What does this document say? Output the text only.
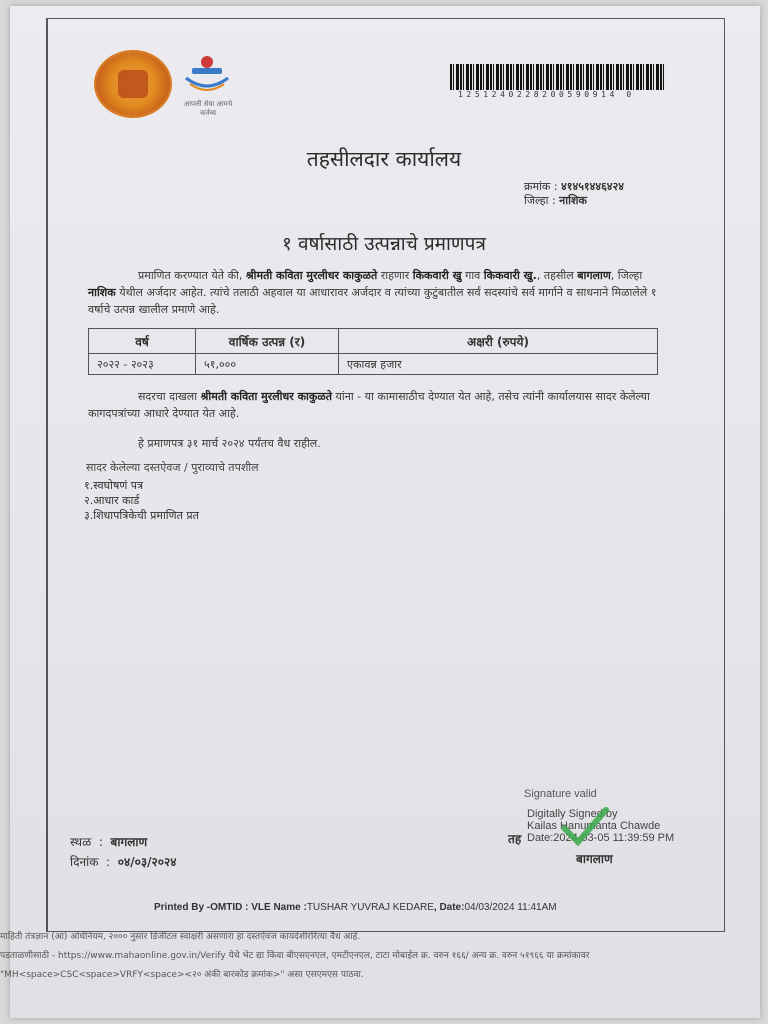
आपली सेवा आमचे कर्तव्य
1251240228200590914 0
तहसीलदार कार्यालय
क्रमांक : ४१४५१४४६४२४
जिल्हा : नाशिक
१ वर्षासाठी उत्पन्नाचे प्रमाणपत्र
प्रमाणित करण्यात येते की, श्रीमती कविता मुरलीधर काकुळते राहणार किकवारी खु गाव किकवारी खु., तहसील बागलाण, जिल्हा नाशिक येथील अर्जदार आहेत. त्यांचे तलाठी अहवाल या आधारावर अर्जदार व त्यांच्या कुटुंबातील सर्व सदस्यांचे सर्व मार्गाने व साधनाने मिळालेले १ वर्षाचे उत्पन्न खालील प्रमाणे आहे.
वर्ष	वार्षिक उत्पन्न (र)	अक्षरी (रुपये)
२०२२ - २०२३	५१,०००	एकावन्न हजार
सदरचा दाखला श्रीमती कविता मुरलीधर काकुळते यांना - या कामासाठीच देण्यात येत आहे, तसेच त्यांनी कार्यालयास सादर केलेल्या कागदपत्रांच्या आधारे देण्यात येत आहे.
हे प्रमाणपत्र ३१ मार्च २०२४ पर्यंतच वैध राहील.
सादर केलेल्या दस्तऐवज / पुराव्याचे तपशील
१.स्वघोषणं पत्र
२.आधार कार्ड
३.शिधापत्रिकेची प्रमाणित प्रत
Signature valid
Digitally Signed by
Kailas Hanumanta Chawde
Date:2024-03-05 11:39:59 PM
तह
बागलाण
स्थळ  :  बागलाण
दिनांक  :  ०४/०३/२०२४
Printed By -OMTID : VLE Name :TUSHAR YUVRAJ KEDARE, Date:04/03/2024 11:41AM
माहिती तंत्रज्ञान (आ) अधिनियम, २००० नुसार डिजीटल स्वाक्षरी असणारा हा दस्तऐवज कायदेशीररित्या वैध आहे.
पडताळणीसाठी - https://www.mahaonline.gov.in/Verify येथे भेट द्या किंवा बीएसएनएल, एमटीएनएल, टाटा मोबाईल क्र. वरुन १६६/ अन्य क्र. वरुन ५१९६६ या क्रमांकावर
"MH<space>CSC<space>VRFY<space><२० अंकी बारकोड क्रमांक>" असा एसएमएस पाठवा.
